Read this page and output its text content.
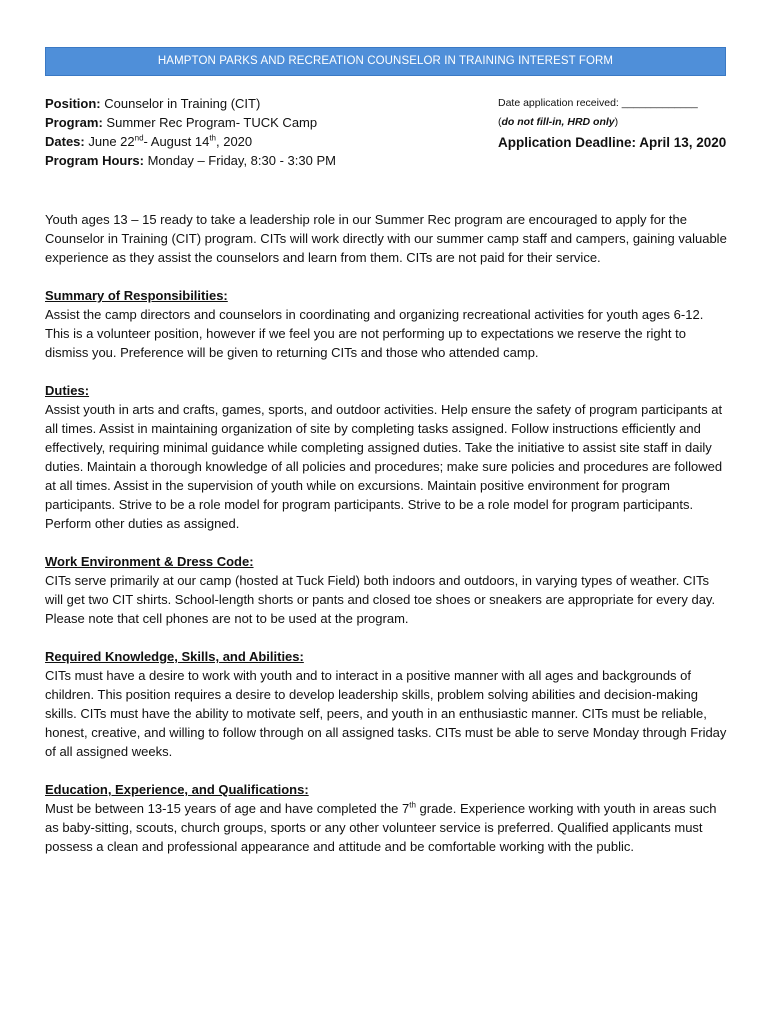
HAMPTON PARKS AND RECREATION COUNSELOR IN TRAINING INTEREST FORM
Position: Counselor in Training (CIT)
Program: Summer Rec Program- TUCK Camp
Dates: June 22nd- August 14th, 2020
Program Hours: Monday – Friday, 8:30 - 3:30 PM
Date application received: _____________
(do not fill-in, HRD only)
Application Deadline: April 13, 2020

Youth ages 13 – 15 ready to take a leadership role in our Summer Rec program are encouraged to apply for the Counselor in Training (CIT) program. CITs will work directly with our summer camp staff and campers, gaining valuable experience as they assist the counselors and learn from them. CITs are not paid for their service.

Summary of Responsibilities:
Assist the camp directors and counselors in coordinating and organizing recreational activities for youth ages 6-12. This is a volunteer position, however if we feel you are not performing up to expectations we reserve the right to dismiss you. Preference will be given to returning CITs and those who attended camp.

Duties:
Assist youth in arts and crafts, games, sports, and outdoor activities. Help ensure the safety of program participants at all times. Assist in maintaining organization of site by completing tasks assigned. Follow instructions efficiently and effectively, requiring minimal guidance while completing assigned duties. Take the initiative to assist site staff in daily duties. Maintain a thorough knowledge of all policies and procedures; make sure policies and procedures are followed at all times. Assist in the supervision of youth while on excursions. Maintain positive environment for program participants. Strive to be a role model for program participants. Strive to be a role model for program participants. Perform other duties as assigned.

Work Environment & Dress Code:
CITs serve primarily at our camp (hosted at Tuck Field) both indoors and outdoors, in varying types of weather. CITs will get two CIT shirts. School-length shorts or pants and closed toe shoes or sneakers are appropriate for every day. Please note that cell phones are not to be used at the program.

Required Knowledge, Skills, and Abilities:
CITs must have a desire to work with youth and to interact in a positive manner with all ages and backgrounds of children. This position requires a desire to develop leadership skills, problem solving abilities and decision-making skills. CITs must have the ability to motivate self, peers, and youth in an enthusiastic manner. CITs must be reliable, honest, creative, and willing to follow through on all assigned tasks. CITs must be able to serve Monday through Friday of all assigned weeks.

Education, Experience, and Qualifications:
Must be between 13-15 years of age and have completed the 7th grade. Experience working with youth in areas such as baby-sitting, scouts, church groups, sports or any other volunteer service is preferred. Qualified applicants must possess a clean and professional appearance and attitude and be comfortable working with the public.
